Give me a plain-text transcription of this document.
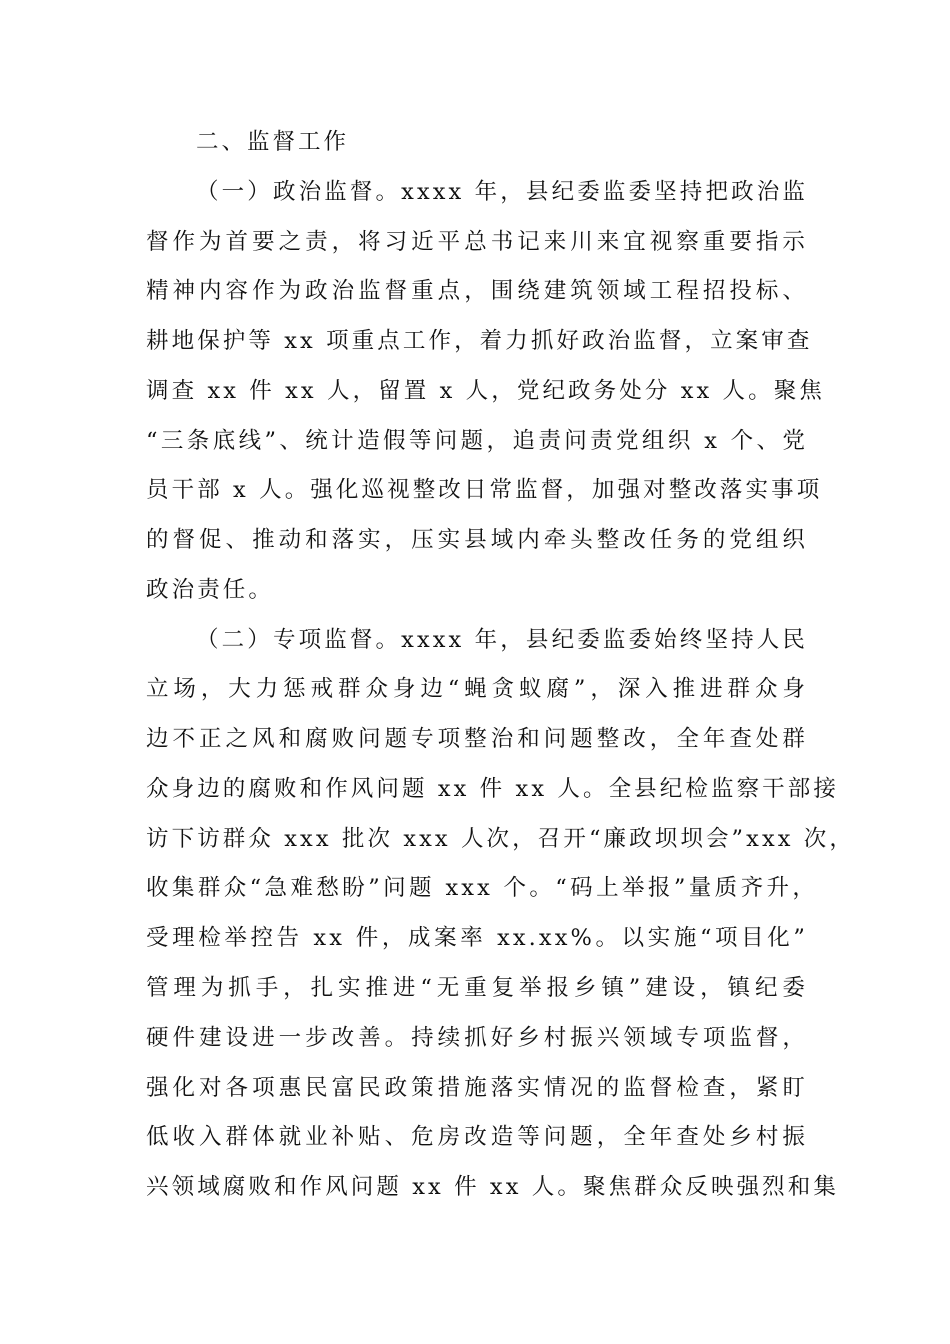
二、监督工作
（一）政治监督。xxxx 年，县纪委监委坚持把政治监
督作为首要之责，将习近平总书记来川来宜视察重要指示
精神内容作为政治监督重点，围绕建筑领域工程招投标、
耕地保护等 xx 项重点工作，着力抓好政治监督，立案审查
调查 xx 件 xx 人，留置 x 人，党纪政务处分 xx 人。聚焦
“三条底线”、统计造假等问题，追责问责党组织 x 个、党
员干部 x 人。强化巡视整改日常监督，加强对整改落实事项
的督促、推动和落实，压实县域内牵头整改任务的党组织
政治责任。
（二）专项监督。xxxx 年，县纪委监委始终坚持人民
立场，大力惩戒群众身边“蝇贪蚁腐”，深入推进群众身
边不正之风和腐败问题专项整治和问题整改，全年查处群
众身边的腐败和作风问题 xx 件 xx 人。全县纪检监察干部接
访下访群众 xxx 批次 xxx 人次，召开“廉政坝坝会”xxx 次，
收集群众“急难愁盼”问题 xxx 个。“码上举报”量质齐升，
受理检举控告 xx 件，成案率 xx.xx%。以实施“项目化”
管理为抓手，扎实推进“无重复举报乡镇”建设，镇纪委
硬件建设进一步改善。持续抓好乡村振兴领域专项监督，
强化对各项惠民富民政策措施落实情况的监督检查，紧盯
低收入群体就业补贴、危房改造等问题，全年查处乡村振
兴领域腐败和作风问题 xx 件 xx 人。聚焦群众反映强烈和集
